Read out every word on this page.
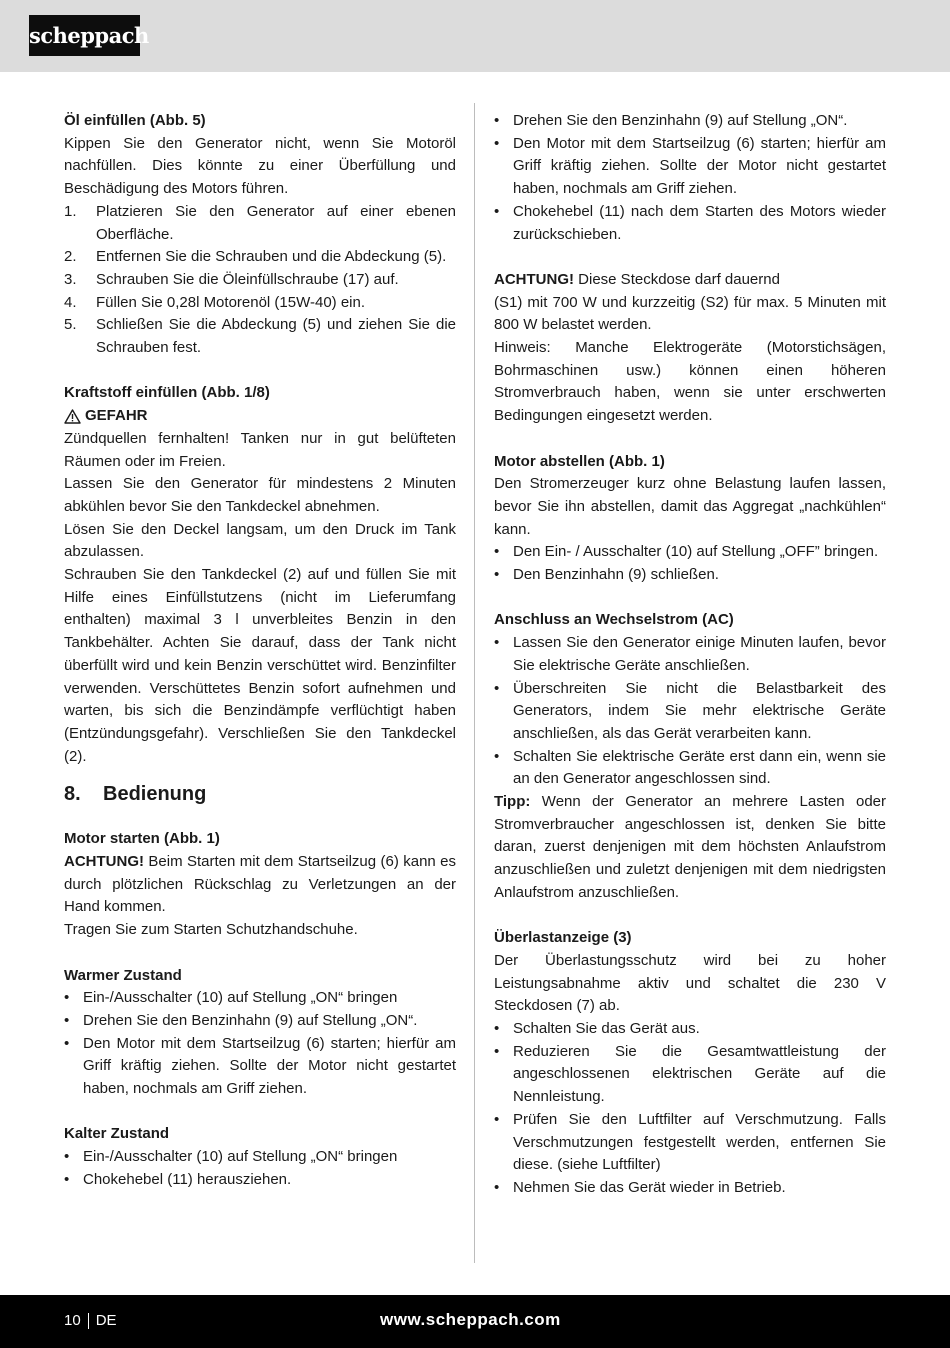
scheppach
Öl einfüllen (Abb. 5)

Kippen Sie den Generator nicht, wenn Sie Motoröl nachfüllen. Dies könnte zu einer Überfüllung und Beschädigung des Motors führen.

1. Platzieren Sie den Generator auf einer ebenen Oberfläche.
2. Entfernen Sie die Schrauben und die Abdeckung (5).
3. Schrauben Sie die Öleinfüllschraube (17) auf.
4. Füllen Sie 0,28l Motorenöl (15W-40) ein.
5. Schließen Sie die Abdeckung (5) und ziehen Sie die Schrauben fest.
Kraftstoff einfüllen (Abb. 1/8)
GEFAHR

Zündquellen fernhalten! Tanken nur in gut belüfteten Räumen oder im Freien.

Lassen Sie den Generator für mindestens 2 Minuten abkühlen bevor Sie den Tankdeckel abnehmen.

Lösen Sie den Deckel langsam, um den Druck im Tank abzulassen.

Schrauben Sie den Tankdeckel (2) auf und füllen Sie mit Hilfe eines Einfüllstutzens (nicht im Lieferumfang enthalten) maximal 3 l unverbleites Benzin in den Tankbehälter. Achten Sie darauf, dass der Tank nicht überfüllt wird und kein Benzin verschüttet wird. Benzinfilter verwenden. Verschüttetes Benzin sofort aufnehmen und warten, bis sich die Benzindämpfe verflüchtigt haben (Entzündungsgefahr). Verschließen Sie den Tankdeckel (2).

8.	Bedienung
Motor starten (Abb. 1)

ACHTUNG! Beim Starten mit dem Startseilzug (6) kann es durch plötzlichen Rückschlag zu Verletzungen an der Hand kommen.

Tragen Sie zum Starten Schutzhandschuhe.

Warmer Zustand
• Ein-/Ausschalter (10) auf Stellung „ON“ bringen
• Drehen Sie den Benzinhahn (9) auf Stellung „ON“.
• Den Motor mit dem Startseilzug (6) starten; hierfür am Griff kräftig ziehen. Sollte der Motor nicht gestartet haben, nochmals am Griff ziehen.
Kalter Zustand
• Ein-/Ausschalter (10) auf Stellung „ON“ bringen
• Chokehebel (11) herausziehen.
• Drehen Sie den Benzinhahn (9) auf Stellung „ON“.
• Den Motor mit dem Startseilzug (6) starten; hierfür am Griff kräftig ziehen. Sollte der Motor nicht gestartet haben, nochmals am Griff ziehen.
• Chokehebel (11) nach dem Starten des Motors wieder zurückschieben.
ACHTUNG! Diese Steckdose darf dauernd

(S1) mit 700 W und kurzzeitig (S2) für max. 5 Minuten mit 800 W belastet werden.

Hinweis: Manche Elektrogeräte (Motorstichsägen, Bohrmaschinen usw.) können einen höheren Stromverbrauch haben, wenn sie unter erschwerten Bedingungen eingesetzt werden.

Motor abstellen (Abb. 1)

Den Stromerzeuger kurz ohne Belastung laufen lassen, bevor Sie ihn abstellen, damit das Aggregat „nachkühlen“ kann.

• Den Ein- / Ausschalter (10) auf Stellung „OFF” bringen.
• Den Benzinhahn (9) schließen.
Anschluss an Wechselstrom (AC)
• Lassen Sie den Generator einige Minuten laufen, bevor Sie elektrische Geräte anschließen.
• Überschreiten Sie nicht die Belastbarkeit des Generators, indem Sie mehr elektrische Geräte anschließen, als das Gerät verarbeiten kann.
• Schalten Sie elektrische Geräte erst dann ein, wenn sie an den Generator angeschlossen sind.

Tipp: Wenn der Generator an mehrere Lasten oder Stromverbraucher angeschlossen ist, denken Sie bitte daran, zuerst denjenigen mit dem höchsten Anlaufstrom anzuschließen und zuletzt denjenigen mit dem niedrigsten Anlaufstrom anzuschließen.

Überlastanzeige (3)

Der Überlastungsschutz wird bei zu hoher Leistungsabnahme aktiv und schaltet die 230 V Steckdosen (7) ab.

• Schalten Sie das Gerät aus.
• Reduzieren Sie die Gesamtwattleistung der angeschlossenen elektrischen Geräte auf die Nennleistung.
• Prüfen Sie den Luftfilter auf Verschmutzung. Falls Verschmutzungen festgestellt werden, entfernen Sie diese. (siehe Luftfilter)
• Nehmen Sie das Gerät wieder in Betrieb.
10 DE	www.scheppach.com
